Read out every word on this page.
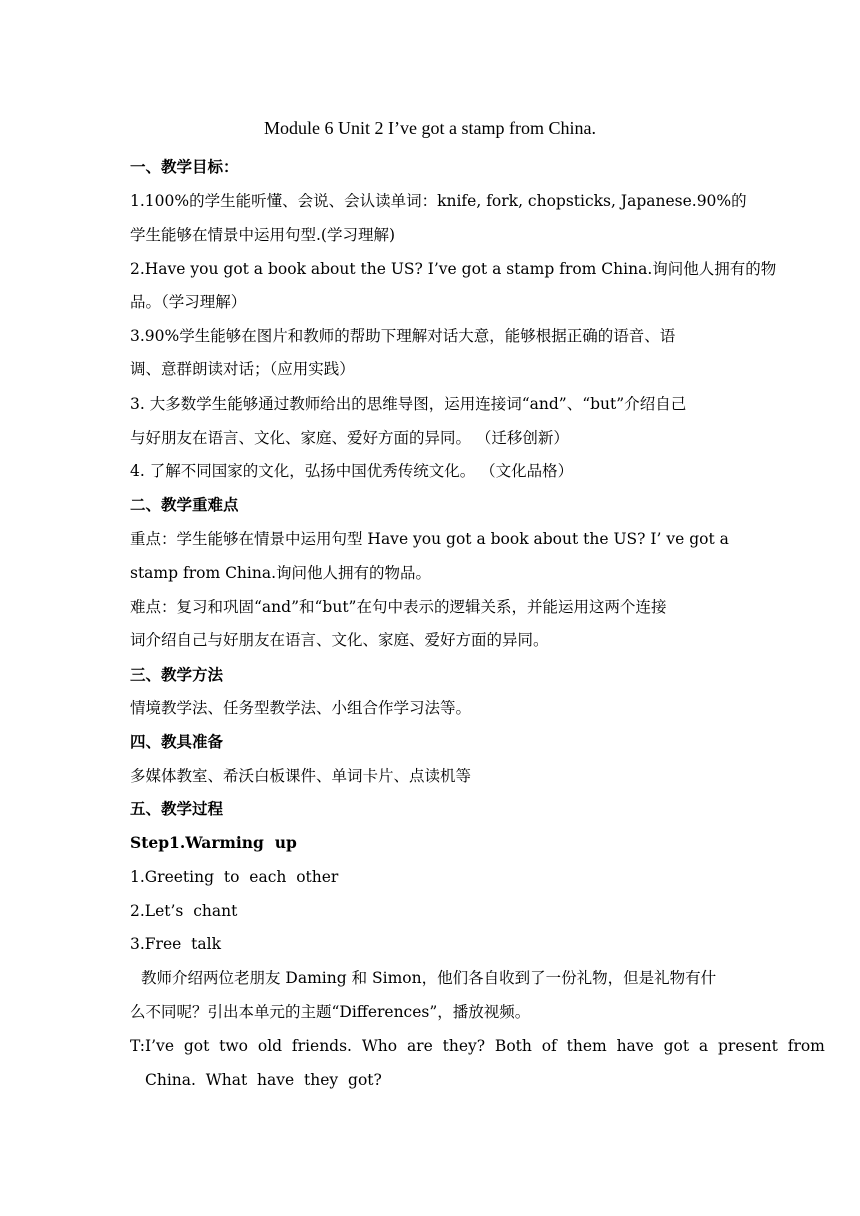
Module 6 Unit 2 I’ve got a stamp from China.
一、教学目标：
1.100%的学生能听懂、会说、会认读单词：knife, fork, chopsticks, Japanese.90%的
学生能够在情景中运用句型.(学习理解)
2.Have you got a book about the US? I’ve got a stamp from China.询问他人拥有的物
品。（学习理解）
3.90%学生能够在图片和教师的帮助下理解对话大意，能够根据正确的语音、语
调、意群朗读对话；（应用实践）
3. 大多数学生能够通过教师给出的思维导图，运用连接词“and”、“but”介绍自己
与好朋友在语言、文化、家庭、爱好方面的异同。 （迁移创新）
4. 了解不同国家的文化，弘扬中国优秀传统文化。 （文化品格）
二、教学重难点
重点：学生能够在情景中运用句型 Have you got a book about the US? I’ ve got a
stamp from China.询问他人拥有的物品。
难点：复习和巩固“and”和“but”在句中表示的逻辑关系，并能运用这两个连接
词介绍自己与好朋友在语言、文化、家庭、爱好方面的异同。
三、教学方法
情境教学法、任务型教学法、小组合作学习法等。
四、教具准备
多媒体教室、希沃白板课件、单词卡片、点读机等
五、教学过程
Step1.Warming  up
1.Greeting  to  each  other
2.Let’s  chant
3.Free  talk
教师介绍两位老朋友 Daming 和 Simon，他们各自收到了一份礼物，但是礼物有什
么不同呢？引出本单元的主题“Differences”，播放视频。
T:I’ve  got  two  old  friends.  Who  are  they?  Both  of  them  have  got  a  present  from
China.  What  have  they  got?
